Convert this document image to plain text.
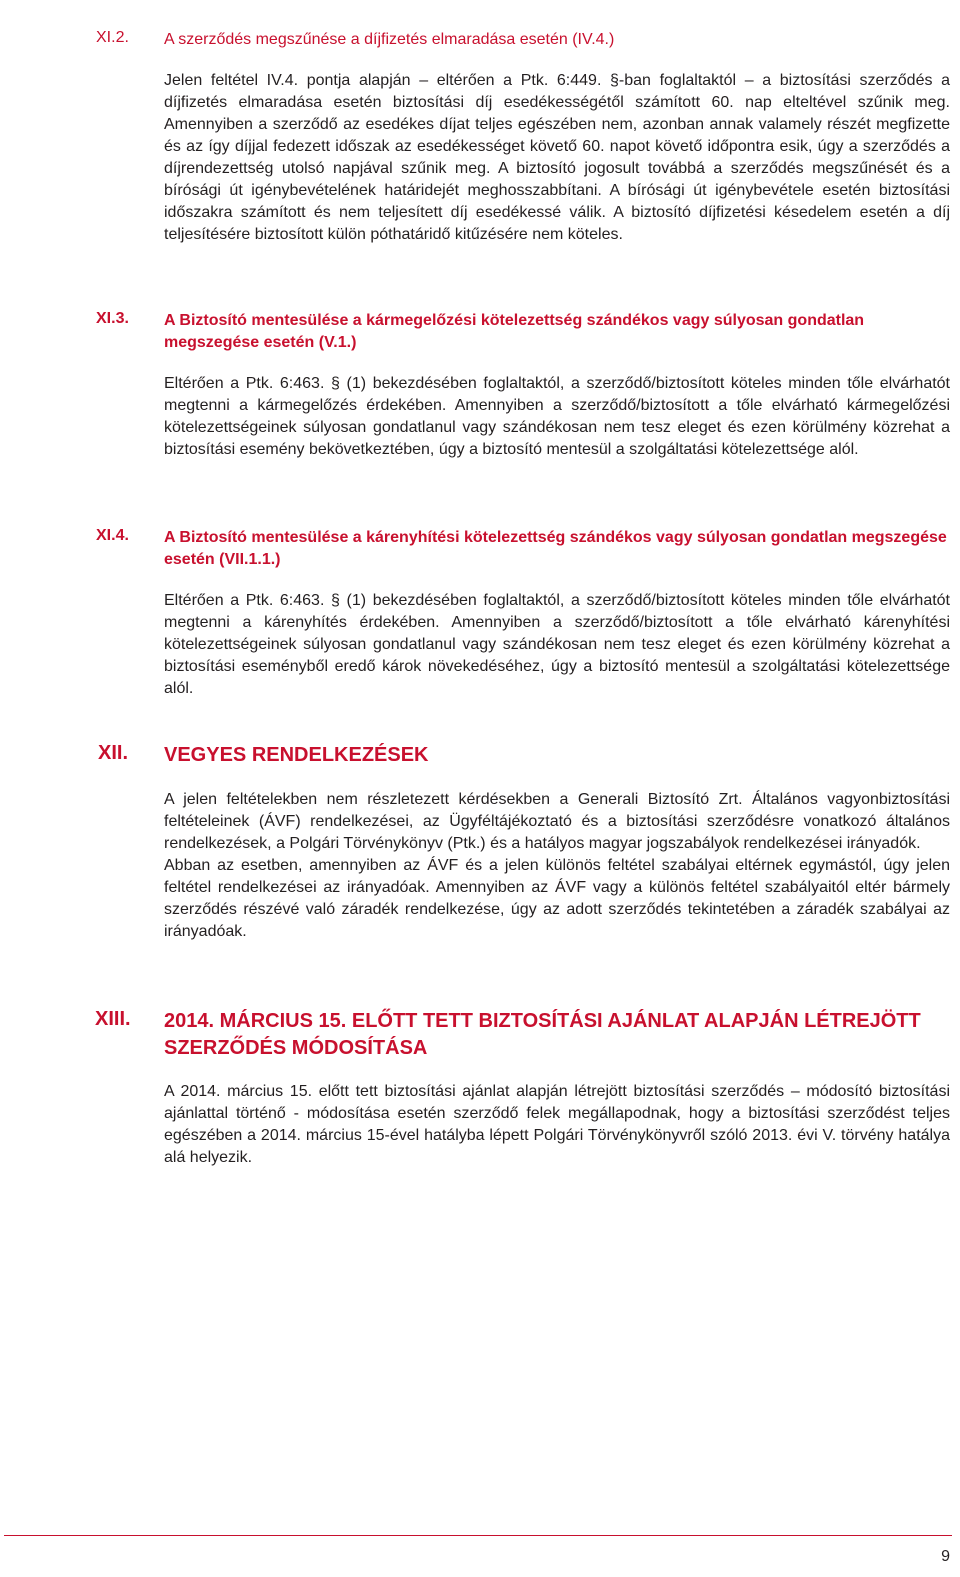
XI.2. A szerződés megszűnése a díjfizetés elmaradása esetén (IV.4.)

Jelen feltétel IV.4. pontja alapján – eltérően a Ptk. 6:449. §-ban foglaltaktól – a biztosítási szerződés a díjfizetés elmaradása esetén biztosítási díj esedékességétől számított 60. nap elteltével szűnik meg. Amennyiben a szerződő az esedékes díjat teljes egészében nem, azonban annak valamely részét megfizette és az így díjjal fedezett időszak az esedékességet követő 60. napot követő időpontra esik, úgy a szerződés a díjrendezettség utolsó napjával szűnik meg. A biztosító jogosult továbbá a szerződés megszűnését és a bírósági út igénybevételének határidejét meghosszabbítani. A bírósági út igénybevétele esetén biztosítási időszakra számított és nem teljesített díj esedékessé válik. A biztosító díjfizetési késedelem esetén a díj teljesítésére biztosított külön póthatáridő kitűzésére nem köteles.

XI.3. A Biztosító mentesülése a kármegelőzési kötelezettség szándékos vagy súlyosan gondatlan megszegése esetén (V.1.)

Eltérően a Ptk. 6:463. § (1) bekezdésében foglaltaktól, a szerződő/biztosított köteles minden tőle elvárhatót megtenni a kármegelőzés érdekében. Amennyiben a szerződő/biztosított a tőle elvárható kármegelőzési kötelezettségeinek súlyosan gondatlanul vagy szándékosan nem tesz eleget és ezen körülmény közrehat a biztosítási esemény bekövetkeztében, úgy a biztosító mentesül a szolgáltatási kötelezettsége alól.

XI.4. A Biztosító mentesülése a kárenyhítési kötelezettség szándékos vagy súlyosan gondatlan megszegése esetén (VII.1.1.)

Eltérően a Ptk. 6:463. § (1) bekezdésében foglaltaktól, a szerződő/biztosított köteles minden tőle elvárhatót megtenni a kárenyhítés érdekében. Amennyiben a szerződő/biztosított a tőle elvárható kárenyhítési kötelezettségeinek súlyosan gondatlanul vagy szándékosan nem tesz eleget és ezen körülmény közrehat a biztosítási eseményből eredő károk növekedéséhez, úgy a biztosító mentesül a szolgáltatási kötelezettsége alól.

XII. VEGYES RENDELKEZÉSEK

A jelen feltételekben nem részletezett kérdésekben a Generali Biztosító Zrt. Általános vagyonbiztosítási feltételeinek (ÁVF) rendelkezései, az Ügyféltájékoztató és a biztosítási szerződésre vonatkozó általános rendelkezések, a Polgári Törvénykönyv (Ptk.) és a hatályos magyar jogszabályok rendelkezései irányadók.

Abban az esetben, amennyiben az ÁVF és a jelen különös feltétel szabályai eltérnek egymástól, úgy jelen feltétel rendelkezései az irányadóak. Amennyiben az ÁVF vagy a különös feltétel szabályaitól eltér bármely szerződés részévé való záradék rendelkezése, úgy az adott szerződés tekintetében a záradék szabályai az irányadóak.

XIII. 2014. MÁRCIUS 15. ELŐTT TETT BIZTOSÍTÁSI AJÁNLAT ALAPJÁN LÉTREJÖTT SZERZŐDÉS MÓDOSÍTÁSA

A 2014. március 15. előtt tett biztosítási ajánlat alapján létrejött biztosítási szerződés – módosító biztosítási ajánlattal történő - módosítása esetén szerződő felek megállapodnak, hogy a biztosítási szerződést teljes egészében a 2014. március 15-ével hatályba lépett Polgári Törvénykönyvről szóló 2013. évi V. törvény hatálya alá helyezik.

9
